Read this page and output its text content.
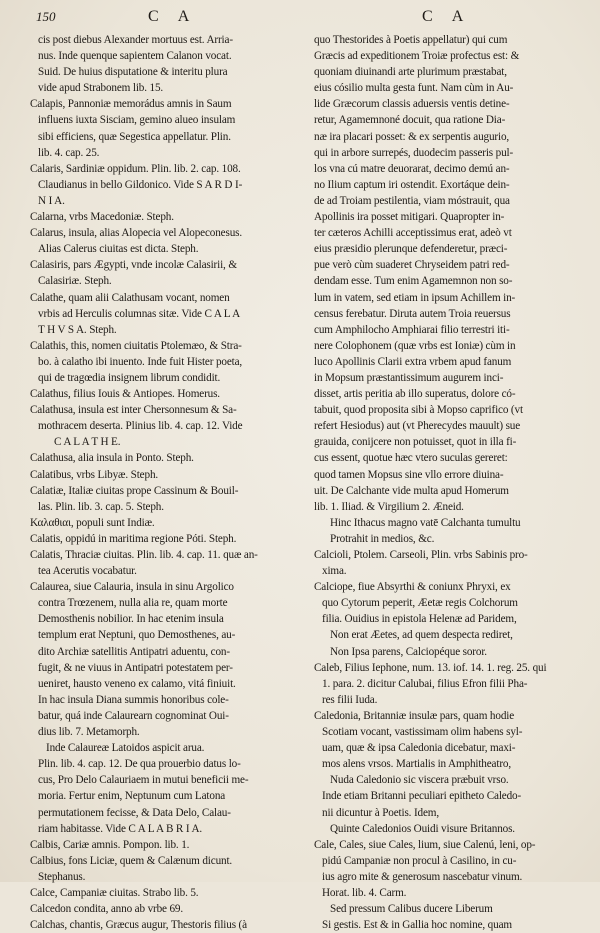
150	C A	C A
cis post diebus Alexander mortuus est. Arria-
nus. Inde quenque sapientem Calanon vocat.
Suid. De huius disputatione & interitu plura
vide apud Strabonem lib. 15.
Calapis, Pannoniæ memorádus amnis in Saum
influens iuxta Sisciam, gemino alueo insulam
sibi efficiens, quæ Segestica appellatur. Plin.
lib. 4. cap. 25.
Calaris, Sardiniæ oppidum. Plin. lib. 2. cap. 108.
Claudianus in bello Gildonico. Vide S A R D I-
N I A.
Calarna, vrbs Macedoniæ. Steph.
Calarus, insula, alias Alopecia vel Alopeconesus.
Alias Calerus ciuitas est dicta. Steph.
Calasiris, pars Ægypti, vnde incolæ Calasirii, &
Calasiriæ. Steph.
Calathe, quam alii Calathusam vocant, nomen
vrbis ad Herculis columnas sitæ. Vide C A L A
T H V S A. Steph.
Calathis, this, nomen ciuitatis Ptolemæo, & Stra-
bo. à calatho ibi inuento. Inde fuit Hister poeta,
qui de tragœdia insignem librum condidit.
Calathus, filius Iouis & Antiopes. Homerus.
Calathusa, insula est inter Chersonnesum & Sa-
mothracem deserta. Plinius lib. 4. cap. 12. Vide
C A L A T H E.
Calathusa, alia insula in Ponto. Steph.
Calatibus, vrbs Libyæ. Steph.
Calatiæ, Italiæ ciuitas prope Cassinum & Bouil-
las. Plin. lib. 3. cap. 5. Steph.
Καλαθιαι, populi sunt Indiæ.
Calatis, oppidú in maritima regione Póti. Steph.
Calatis, Thraciæ ciuitas. Plin. lib. 4. cap. 11. quæ an-
tea Acerutis vocabatur.
Calaurea, siue Calauria, insula in sinu Argolico
contra Trœzenem, nulla alia re, quam morte
Demosthenis nobilior. In hac etenim insula
templum erat Neptuni, quo Demosthenes, au-
dito Archiæ satellitis Antipatri aduentu, con-
fugit, & ne viuus in Antipatri potestatem per-
ueniret, hausto veneno ex calamo, vitá finiuit.
In hac insula Diana summis honoribus cole-
batur, quá inde Calaurearn cognominat Oui-
dius lib. 7. Metamorph.
Inde Calaureæ Latoidos aspicit arua.
Plin. lib. 4. cap. 12. De qua prouerbio datus lo-
cus, Pro Delo Calauriaem in mutui beneficii me-
moria. Fertur enim, Neptunum cum Latona
permutationem fecisse, & Data Delo, Calau-
riam habitasse. Vide C A L A B R I A.
Calbis, Cariæ amnis. Pompon. lib. 1.
Calbius, fons Liciæ, quem & Calænum dicunt.
Stephanus.
Calce, Campaniæ ciuitas. Strabo lib. 5.
Calcedon condita, anno ab vrbe 69.
Calchas, chantis, Græcus augur, Thestoris filius (à
quo Thestorides à Poetis appellatur) qui cum
Græcis ad expeditionem Troiæ profectus est: &
quoniam diuinandi arte plurimum præstabat,
eius cósilio multa gesta funt. Nam cùm in Au-
lide Græcorum classis aduersis ventis detine-
retur, Agamemnoné docuit, qua ratione Dia-
næ ira placari posset: & ex serpentis augurio,
qui in arbore surrepés, duodecim passeris pul-
los vna cú matre deuorarat, decimo demú an-
no Ilium captum iri ostendit. Exortáque dein-
de ad Troiam pestilentia, viam móstrauit, qua
Apollinis ira posset mitigari. Quapropter in-
ter cæteros Achilli acceptissimus erat, adeò vt
eius præsidio plerunque defenderetur, præci-
pue verò cùm suaderet Chryseidem patri red-
dendam esse. Tum enim Agamemnon non so-
lum in vatem, sed etiam in ipsum Achillem in-
census ferebatur. Diruta autem Troia reuersus
cum Amphilocho Amphiarai filio terrestri iti-
nere Colophonem (quæ vrbs est Ioniæ) cùm in
luco Apollinis Clarii extra vrbem apud fanum
in Mopsum præstantissimum augurem inci-
disset, artis peritia ab illo superatus, dolore có-
tabuit, quod proposita sibi à Mopso caprifico (vt
refert Hesiodus) aut (vt Pherecydes mauult) sue
grauida, conijcere non potuisset, quot in illa fi-
cus essent, quotue hæc vtero suculas gereret:
quod tamen Mopsus sine vllo errore diuina-
uit. De Calchante vide multa apud Homerum
lib. 1. Iliad. & Virgilium 2. Æneid.
Hinc Ithacus magno vatē Calchanta tumultu
Protrahit in medios, &c.
Calcioli, Ptolem. Carseoli, Plin. vrbs Sabinis pro-
xima.
Calciope, fiue Absyrthi & coniunx Phryxi, ex
quo Cytorum peperit, Æetæ regis Colchorum
filia. Ouidius in epistola Helenæ ad Paridem,
Non erat Æetes, ad quem despecta rediret,
Non Ipsa parens, Calciopéque soror.
Caleb, Filius Iephone, num. 13. iof. 14. 1. reg. 25. qui
1. para. 2. dicitur Calubai, filius Efron filii Pha-
res filii Iuda.
Caledonia, Britanniæ insulæ pars, quam hodie
Scotiam vocant, vastissimam olim habens syl-
uam, quæ & ipsa Caledonia dicebatur, maxi-
mos alens vrsos. Martialis in Amphitheatro,
Nuda Caledonio sic viscera præbuit vrso.
Inde etiam Britanni peculiari epitheto Caledo-
nii dicuntur à Poetis. Idem,
Quinte Caledonios Ouidi visure Britannos.
Cale, Cales, siue Cales, lium, siue Calenú, leni, op-
pidú Campaniæ non procul à Casilino, in cu-
ius agro mite & generosum nascebatur vinum.
Horat. lib. 4. Carm.
Sed pressum Calibus ducere Liberum
Si gestis. Est & in Gallia hoc nomine, quam
